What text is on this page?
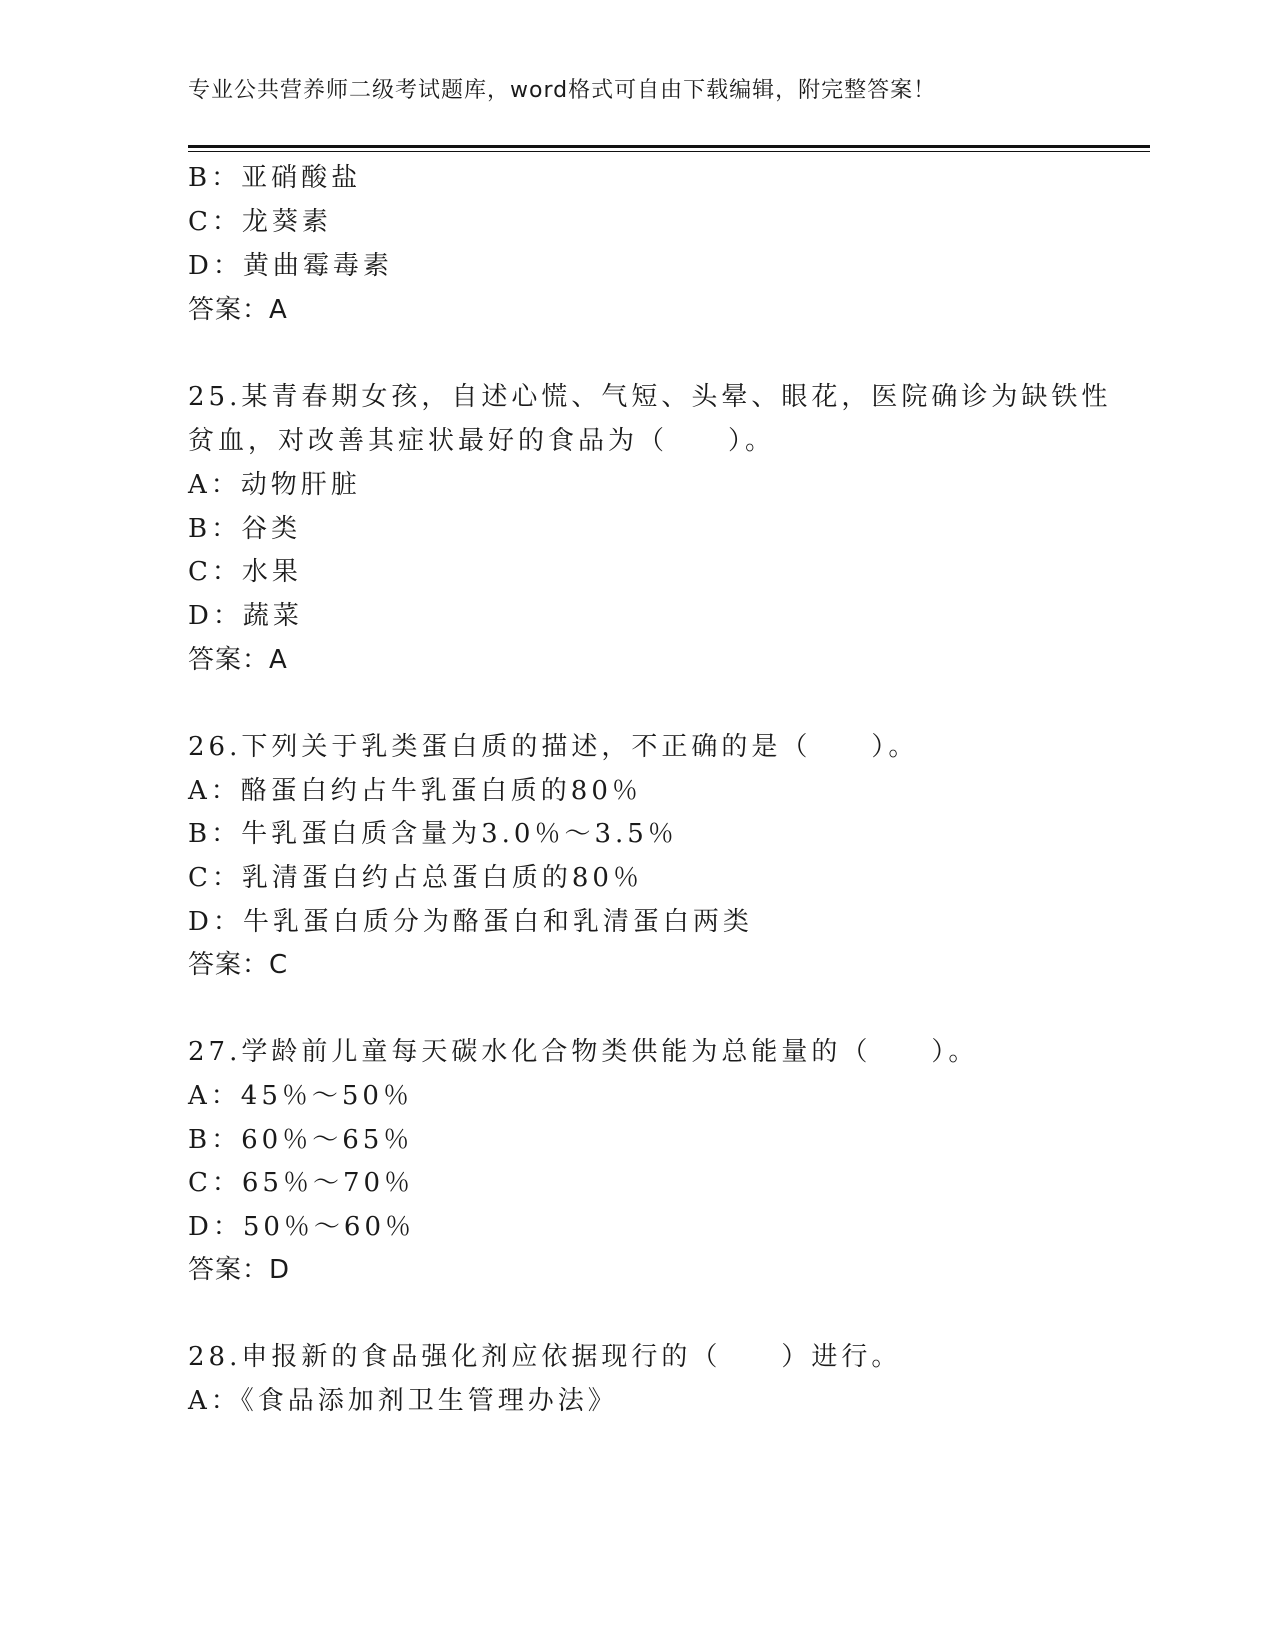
专业公共营养师二级考试题库，word格式可自由下载编辑，附完整答案！
B：亚硝酸盐
C：龙葵素
D：黄曲霉毒素
答案：A
25.某青春期女孩，自述心慌、气短、头晕、眼花，医院确诊为缺铁性
贫血，对改善其症状最好的食品为（　　）。
A：动物肝脏
B：谷类
C：水果
D：蔬菜
答案：A
26.下列关于乳类蛋白质的描述，不正确的是（　　）。
A：酪蛋白约占牛乳蛋白质的80％
B：牛乳蛋白质含量为3.0％～3.5％
C：乳清蛋白约占总蛋白质的80％
D：牛乳蛋白质分为酪蛋白和乳清蛋白两类
答案：C
27.学龄前儿童每天碳水化合物类供能为总能量的（　　）。
A：45％～50％
B：60％～65％
C：65％～70％
D：50％～60％
答案：D
28.申报新的食品强化剂应依据现行的（　　）进行。
A：《食品添加剂卫生管理办法》
